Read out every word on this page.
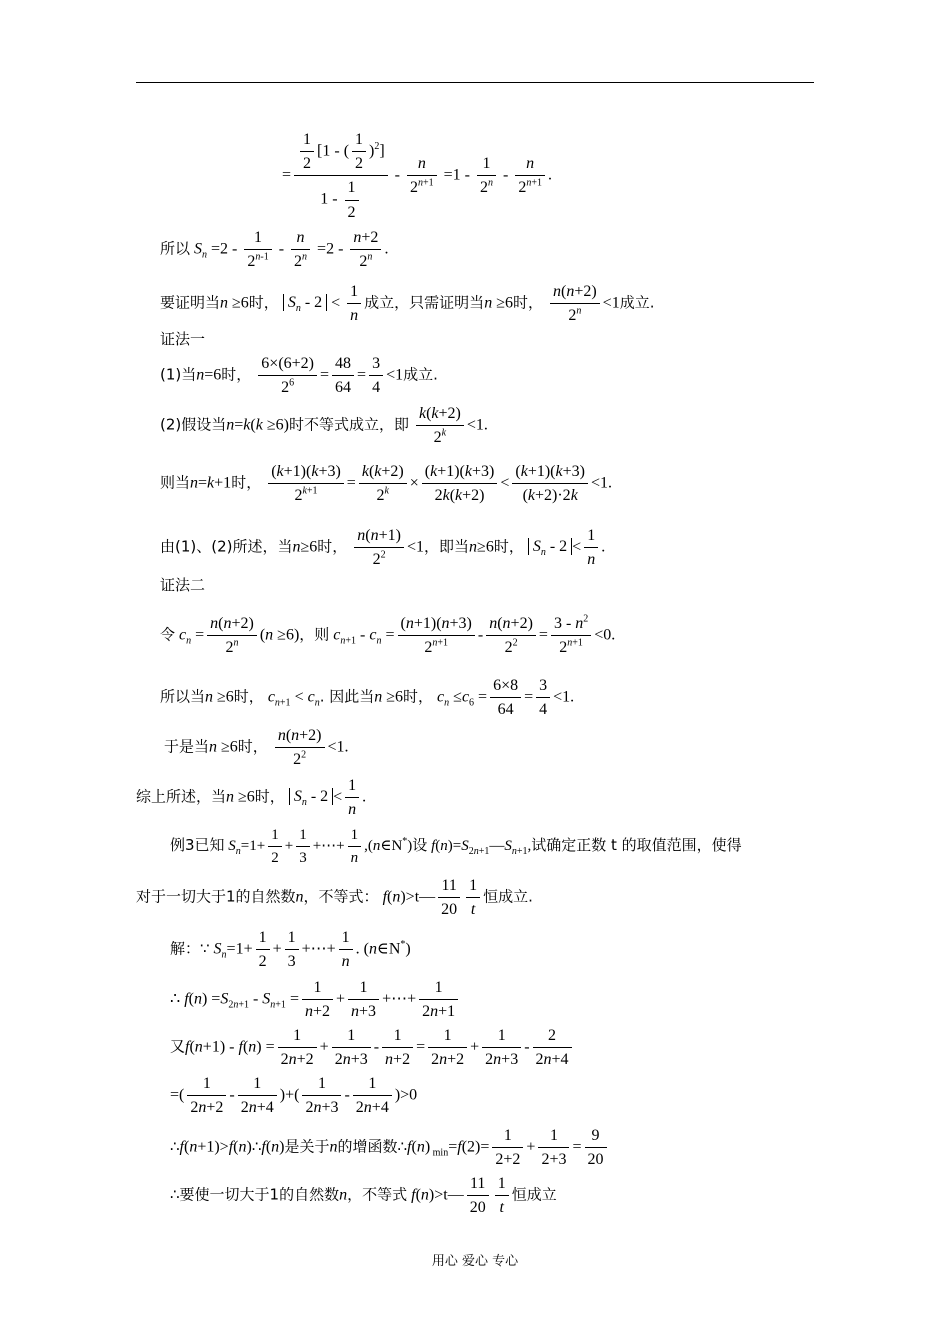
= $\frac{\frac{1}{2} [1 - ( \frac{1}{2} )^2]}{1 - \frac{1}{2}} - \frac{n}{2^{n+1}} =1 - \frac{1}{2^n} - \frac{n}{2^{n+1}}$ .
所以 $S_n =2 - \frac{1}{2^{n-1}} - \frac{n}{2^n} =2 - \frac{n+2}{2^n}$ .
要证明当n ≥6时， $S_n - 2 < \frac{1}{n}$ 成立，只需证明当n ≥6时， $\frac{n(n+2)}{2^n} <1$成立.
证法一
(1)当n=6时， $\frac{6\times(6+2)}{2^6} = \frac{48}{64} = \frac{3}{4} <1$成立.
(2)假设当n=k(k ≥6)时不等式成立，即 $\frac{k(k+2)}{2^k} <1$.
则当n=k+1时， $\frac{(k+1)(k+3)}{2^{k+1}} = \frac{k(k+2)}{2^k} \times \frac{(k+1)(k+3)}{2k(k+2)} < \frac{(k+1)(k+3)}{(k+2)\cdot 2k} <1$.
由(1)、(2)所述，当n≥6时， $\frac{n(n+1)}{2^2} <1$，即当n≥6时， $S_n - 2 < \frac{1}{n}$ .
证法二
令 $c_n = \frac{n(n+2)}{2^n} (n \ge 6)$，则 $c_{n+1} - c_n = \frac{(n+1)(n+3)}{2^{n+1}} - \frac{n(n+2)}{2^2} = \frac{3 - n^2}{2^{n+1}} <0$.
所以当n ≥6时， $c_{n+1} < c_n$. 因此当n ≥6时， $c_n \le c_6 = \frac{6\times 8}{64} = \frac{3}{4} <1$.
于是当n ≥6时， $\frac{n(n+2)}{2^2} <1$.
综上所述，当n ≥6时， $S_n - 2 < \frac{1}{n}$ .
例3已知 $S_n=1+ \frac{1}{2} + \frac{1}{3}$ +⋯+ $\frac{1}{n}$ ,(n∈N*)设 $f(n)=S_{2n+1}—S_{n+1}$,试确定正数 t 的取值范围，使得
对于一切大于1的自然数n，不等式： f(n)>t— $\frac{11}{20} \frac{1}{t}$ 恒成立.
解：∵ $S_n=1+ \frac{1}{2} + \frac{1}{3}$ +⋯+ $\frac{1}{n}$ . (n∈N*)
∴ $f(n) =S_{2n+1} - S_{n+1} = \frac{1}{n+2} + \frac{1}{n+3}$ +⋯+ $\frac{1}{2n+1}$
又$f(n+1) - f(n) = \frac{1}{2n+2} + \frac{1}{2n+3} - \frac{1}{n+2} = \frac{1}{2n+2} + \frac{1}{2n+3} - \frac{2}{2n+4}$
=( $\frac{1}{2n+2} - \frac{1}{2n+4}$ )+( $\frac{1}{2n+3} - \frac{1}{2n+4} )>0$
∴f(n+1)>f(n)∴f(n)是关于n的增函数∴f(n) $_{min}=f(2)= \frac{1}{2+2} + \frac{1}{2+3} = \frac{9}{20}$
∴要使一切大于1的自然数n，不等式 f(n)>t— $\frac{11}{20} \frac{1}{t}$ 恒成立
用心 爱心 专心
